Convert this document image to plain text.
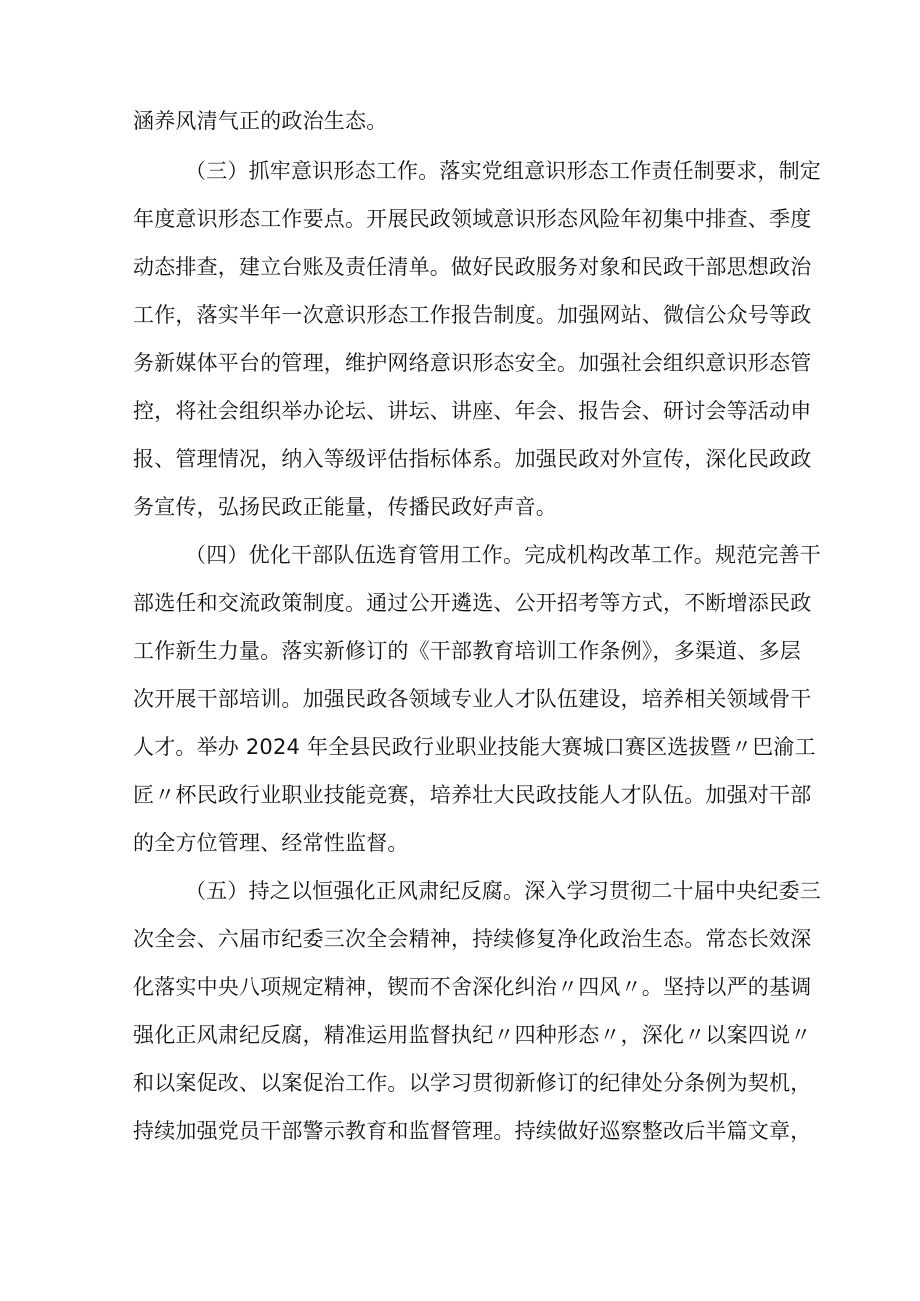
涵养风清气正的政治生态。
（三）抓牢意识形态工作。落实党组意识形态工作责任制要求，制定
年度意识形态工作要点。开展民政领域意识形态风险年初集中排查、季度
动态排查，建立台账及责任清单。做好民政服务对象和民政干部思想政治
工作，落实半年一次意识形态工作报告制度。加强网站、微信公众号等政
务新媒体平台的管理，维护网络意识形态安全。加强社会组织意识形态管
控，将社会组织举办论坛、讲坛、讲座、年会、报告会、研讨会等活动申
报、管理情况，纳入等级评估指标体系。加强民政对外宣传，深化民政政
务宣传，弘扬民政正能量，传播民政好声音。
（四）优化干部队伍选育管用工作。完成机构改革工作。规范完善干
部选任和交流政策制度。通过公开遴选、公开招考等方式，不断增添民政
工作新生力量。落实新修订的《干部教育培训工作条例》，多渠道、多层
次开展干部培训。加强民政各领域专业人才队伍建设，培养相关领域骨干
人才。举办 2024 年全县民政行业职业技能大赛城口赛区选拔暨〃巴渝工
匠〃杯民政行业职业技能竞赛，培养壮大民政技能人才队伍。加强对干部
的全方位管理、经常性监督。
（五）持之以恒强化正风肃纪反腐。深入学习贯彻二十届中央纪委三
次全会、六届市纪委三次全会精神，持续修复净化政治生态。常态长效深
化落实中央八项规定精神，锲而不舍深化纠治〃四风〃。坚持以严的基调
强化正风肃纪反腐，精准运用监督执纪〃四种形态〃，深化〃以案四说〃
和以案促改、以案促治工作。以学习贯彻新修订的纪律处分条例为契机，
持续加强党员干部警示教育和监督管理。持续做好巡察整改后半篇文章，
